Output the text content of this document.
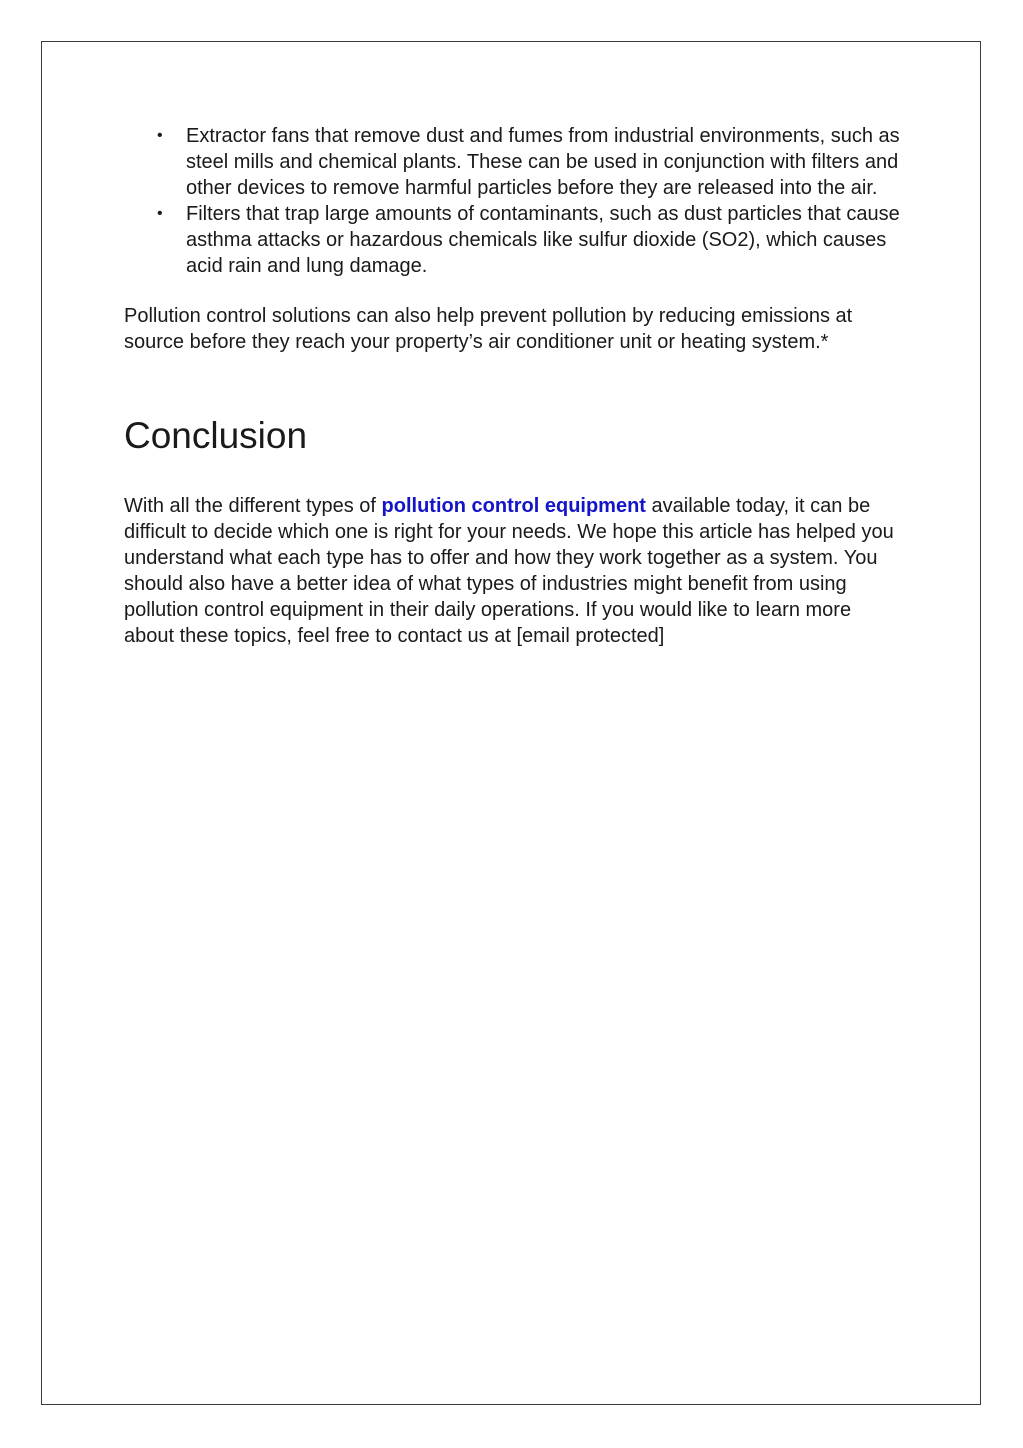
• Extractor fans that remove dust and fumes from industrial environments, such as steel mills and chemical plants. These can be used in conjunction with filters and other devices to remove harmful particles before they are released into the air.
• Filters that trap large amounts of contaminants, such as dust particles that cause asthma attacks or hazardous chemicals like sulfur dioxide (SO2), which causes acid rain and lung damage.

Pollution control solutions can also help prevent pollution by reducing emissions at source before they reach your property’s air conditioner unit or heating system.*

Conclusion

With all the different types of pollution control equipment available today, it can be difficult to decide which one is right for your needs. We hope this article has helped you understand what each type has to offer and how they work together as a system. You should also have a better idea of what types of industries might benefit from using pollution control equipment in their daily operations. If you would like to learn more about these topics, feel free to contact us at [email protected]
